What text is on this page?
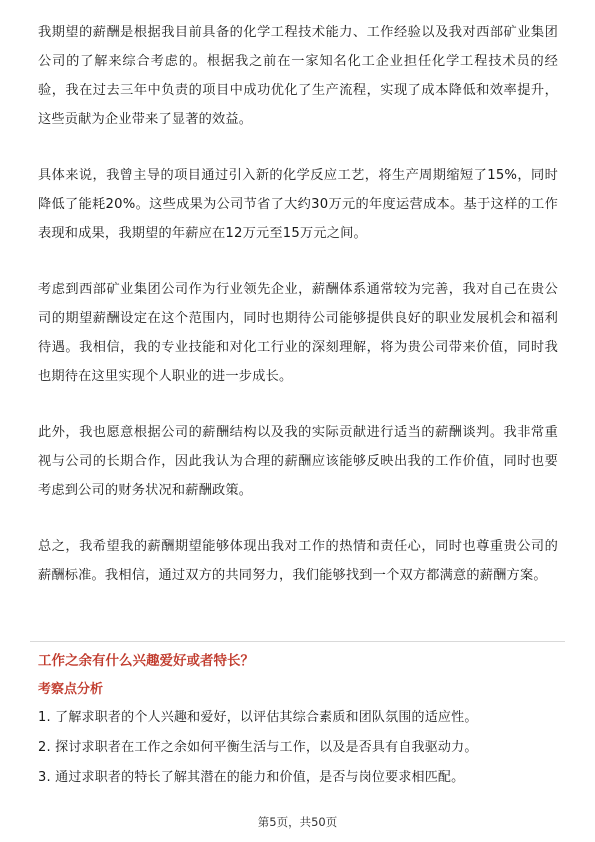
我期望的薪酬是根据我目前具备的化学工程技术能力、工作经验以及我对西部矿业集团公司的了解来综合考虑的。根据我之前在一家知名化工企业担任化学工程技术员的经验，我在过去三年中负责的项目中成功优化了生产流程，实现了成本降低和效率提升，这些贡献为企业带来了显著的效益。

具体来说，我曾主导的项目通过引入新的化学反应工艺，将生产周期缩短了15%，同时降低了能耗20%。这些成果为公司节省了大约30万元的年度运营成本。基于这样的工作表现和成果，我期望的年薪应在12万元至15万元之间。

考虑到西部矿业集团公司作为行业领先企业，薪酬体系通常较为完善，我对自己在贵公司的期望薪酬设定在这个范围内，同时也期待公司能够提供良好的职业发展机会和福利待遇。我相信，我的专业技能和对化工行业的深刻理解，将为贵公司带来价值，同时我也期待在这里实现个人职业的进一步成长。

此外，我也愿意根据公司的薪酬结构以及我的实际贡献进行适当的薪酬谈判。我非常重视与公司的长期合作，因此我认为合理的薪酬应该能够反映出我的工作价值，同时也要考虑到公司的财务状况和薪酬政策。

总之，我希望我的薪酬期望能够体现出我对工作的热情和责任心，同时也尊重贵公司的薪酬标准。我相信，通过双方的共同努力，我们能够找到一个双方都满意的薪酬方案。

工作之余有什么兴趣爱好或者特长？
考察点分析
1. 了解求职者的个人兴趣和爱好，以评估其综合素质和团队氛围的适应性。
2. 探讨求职者在工作之余如何平衡生活与工作，以及是否具有自我驱动力。
3. 通过求职者的特长了解其潜在的能力和价值，是否与岗位要求相匹配。
第5页，共50页
